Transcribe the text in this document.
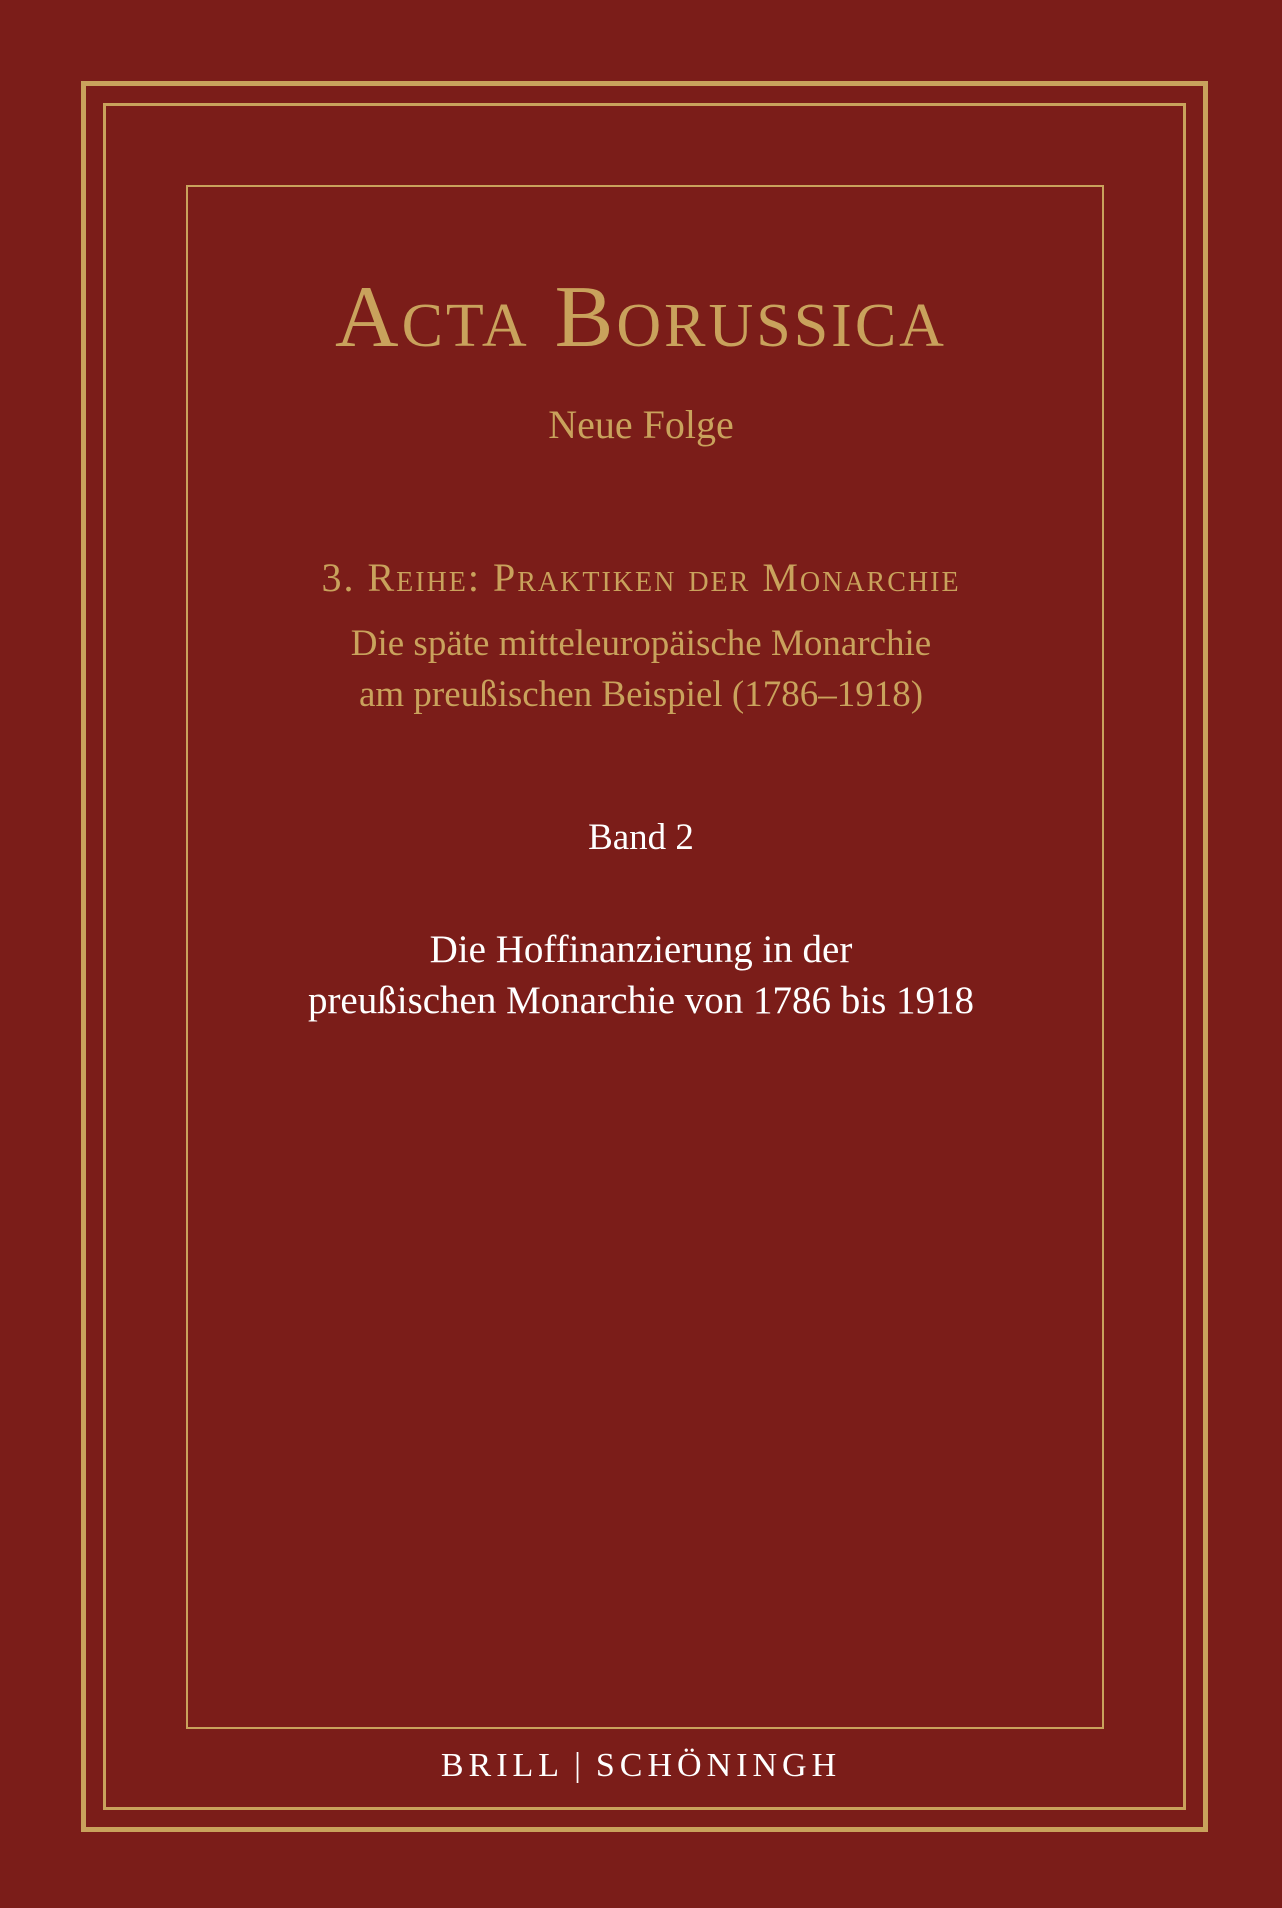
Acta Borussica
Neue Folge
3. Reihe: Praktiken der Monarchie
Die späte mitteleuropäische Monarchie
am preußischen Beispiel (1786–1918)
Band 2
Die Hoffinanzierung in der
preußischen Monarchie von 1786 bis 1918
BRILL | SCHÖNINGH
